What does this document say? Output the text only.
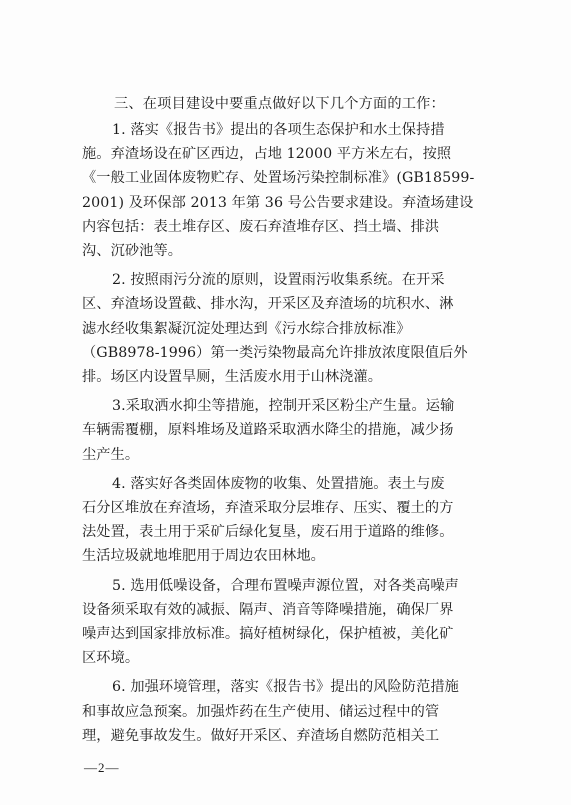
三、在项目建设中要重点做好以下几个方面的工作：

1. 落实《报告书》提出的各项生态保护和水土保持措
施。弃渣场设在矿区西边，占地 12000 平方米左右，按照
《一般工业固体废物贮存、处置场污染控制标准》(GB18599-
2001) 及环保部 2013 年第 36 号公告要求建设。弃渣场建设
内容包括：表土堆存区、废石弃渣堆存区、挡土墙、排洪
沟、沉砂池等。
2. 按照雨污分流的原则，设置雨污收集系统。在开采
区、弃渣场设置截、排水沟，开采区及弃渣场的坑积水、淋
滤水经收集絮凝沉淀处理达到《污水综合排放标准》
（GB8978-1996）第一类污染物最高允许排放浓度限值后外
排。场区内设置旱厕，生活废水用于山林浇灌。
3.采取洒水抑尘等措施，控制开采区粉尘产生量。运输
车辆需覆棚，原料堆场及道路采取洒水降尘的措施，减少扬
尘产生。
4. 落实好各类固体废物的收集、处置措施。表土与废
石分区堆放在弃渣场，弃渣采取分层堆存、压实、覆土的方
法处置，表土用于采矿后绿化复垦，废石用于道路的维修。
生活垃圾就地堆肥用于周边农田林地。
5. 选用低噪设备，合理布置噪声源位置，对各类高噪声
设备须采取有效的减振、隔声、消音等降噪措施，确保厂界
噪声达到国家排放标准。搞好植树绿化，保护植被，美化矿
区环境。
6. 加强环境管理，落实《报告书》提出的风险防范措施
和事故应急预案。加强炸药在生产使用、储运过程中的管
理，避免事故发生。做好开采区、弃渣场自燃防范相关工
—2—
